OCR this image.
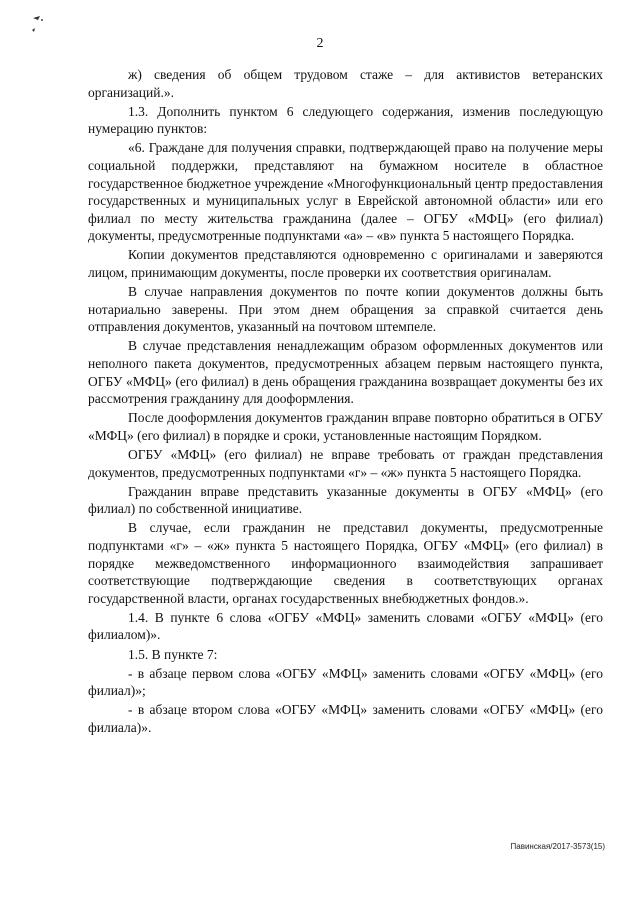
2

ж) сведения об общем трудовом стаже – для активистов ветеранских организаций.».

1.3. Дополнить пунктом 6 следующего содержания, изменив последующую нумерацию пунктов:

«6. Граждане для получения справки, подтверждающей право на получение меры социальной поддержки, представляют на бумажном носителе в областное государственное бюджетное учреждение «Многофункциональный центр предоставления государственных и муниципальных услуг в Еврейской автономной области» или его филиал по месту жительства гражданина (далее – ОГБУ «МФЦ» (его филиал) документы, предусмотренные подпунктами «а» – «в» пункта 5 настоящего Порядка.

Копии документов представляются одновременно с оригиналами и заверяются лицом, принимающим документы, после проверки их соответствия оригиналам.

В случае направления документов по почте копии документов должны быть нотариально заверены. При этом днем обращения за справкой считается день отправления документов, указанный на почтовом штемпеле.

В случае представления ненадлежащим образом оформленных документов или неполного пакета документов, предусмотренных абзацем первым настоящего пункта, ОГБУ «МФЦ» (его филиал) в день обращения гражданина возвращает документы без их рассмотрения гражданину для дооформления.

После дооформления документов гражданин вправе повторно обратиться в ОГБУ «МФЦ» (его филиал) в порядке и сроки, установленные настоящим Порядком.

ОГБУ «МФЦ» (его филиал) не вправе требовать от граждан представления документов, предусмотренных подпунктами «г» – «ж» пункта 5 настоящего Порядка.

Гражданин вправе представить указанные документы в ОГБУ «МФЦ» (его филиал) по собственной инициативе.

В случае, если гражданин не представил документы, предусмотренные подпунктами «г» – «ж» пункта 5 настоящего Порядка, ОГБУ «МФЦ» (его филиал) в порядке межведомственного информационного взаимодействия запрашивает соответствующие подтверждающие сведения в соответствующих органах государственной власти, органах государственных внебюджетных фондов.».

1.4. В пункте 6 слова «ОГБУ «МФЦ» заменить словами «ОГБУ «МФЦ» (его филиалом)».

1.5. В пункте 7:

- в абзаце первом слова «ОГБУ «МФЦ» заменить словами «ОГБУ «МФЦ» (его филиал)»;

- в абзаце втором слова «ОГБУ «МФЦ» заменить словами «ОГБУ «МФЦ» (его филиала)».

Павинская/2017-3573(15)
